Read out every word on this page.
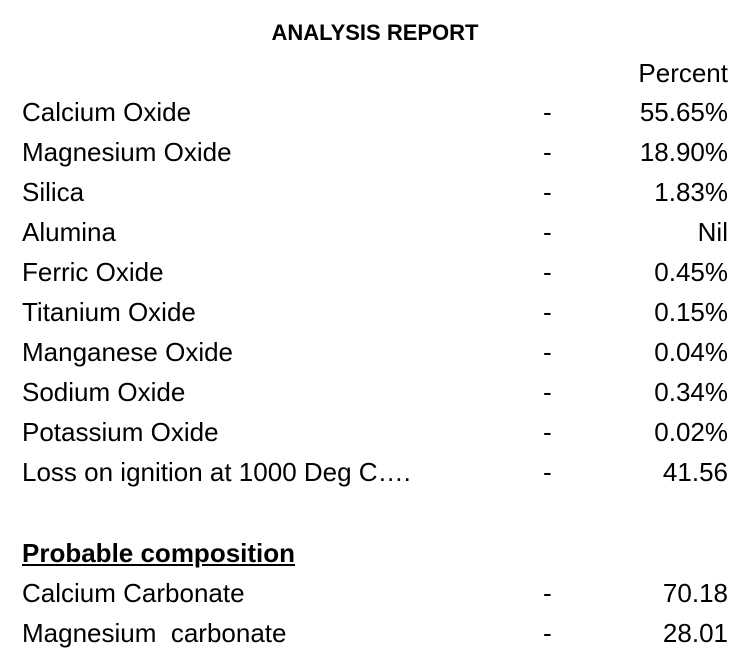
ANALYSIS REPORT
Percent
Calcium Oxide	-	55.65%
Magnesium Oxide	-	18.90%
Silica	-	1.83%
Alumina	-	Nil
Ferric Oxide	-	0.45%
Titanium Oxide	-	0.15%
Manganese Oxide	-	0.04%
Sodium Oxide	-	0.34%
Potassium Oxide	-	0.02%
Loss on ignition at 1000 Deg C….	-	41.56
Probable composition
Calcium Carbonate	-	70.18
Magnesium  carbonate	-	28.01
